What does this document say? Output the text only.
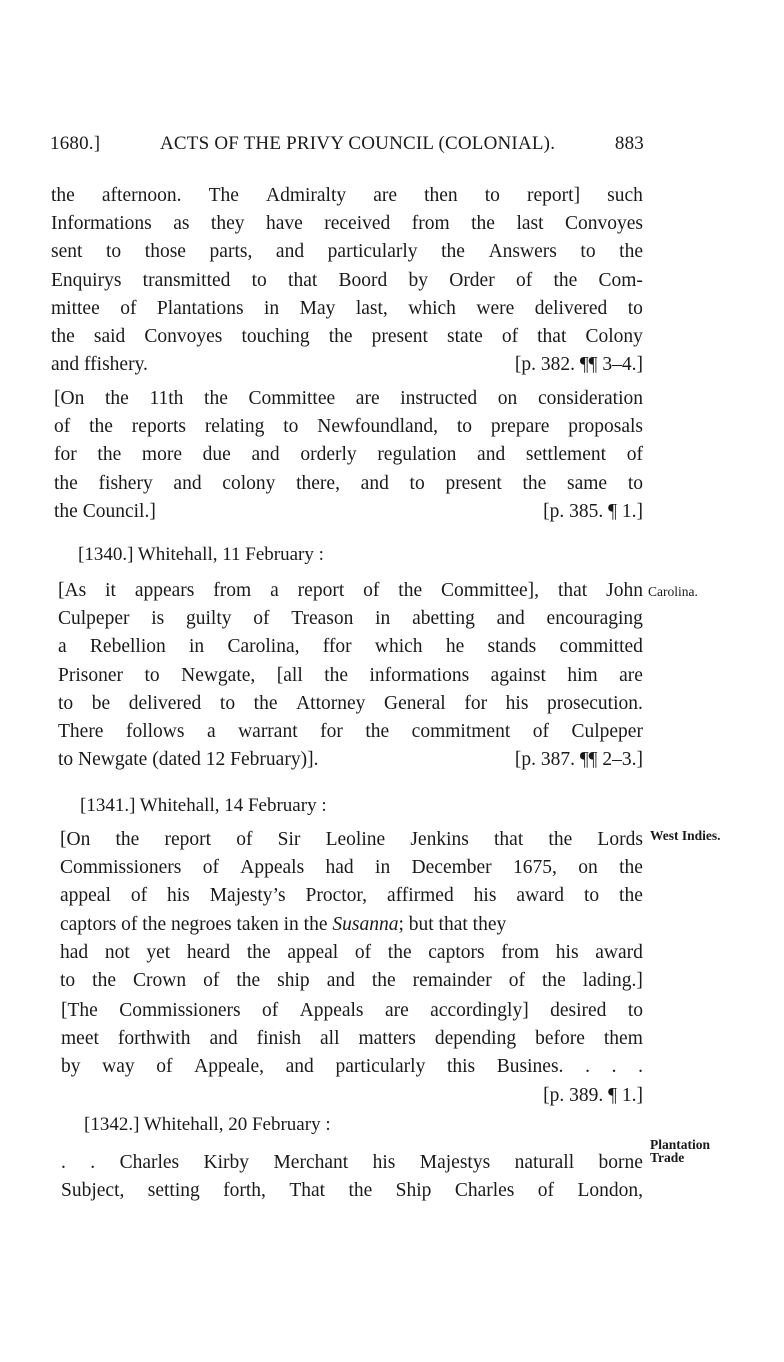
1680.]	ACTS OF THE PRIVY COUNCIL (COLONIAL).	883
the afternoon. The Admiralty are then to report] such
Informations as they have received from the last Convoyes
sent to those parts, and particularly the Answers to the
Enquirys transmitted to that Boord by Order of the Com-
mittee of Plantations in May last, which were delivered to
the said Convoyes touching the present state of that Colony
and ffishery.	[p. 382. ¶¶ 3–4.]
[On the 11th the Committee are instructed on consideration
of the reports relating to Newfoundland, to prepare proposals
for the more due and orderly regulation and settlement of
the fishery and colony there, and to present the same to
the Council.]	[p. 385. ¶ 1.]
[1340.] Whitehall, 11 February :
Carolina.
[As it appears from a report of the Committee], that John
Culpeper is guilty of Treason in abetting and encouraging
a Rebellion in Carolina, ffor which he stands committed
Prisoner to Newgate, [all the informations against him are
to be delivered to the Attorney General for his prosecution.
There follows a warrant for the commitment of Culpeper
to Newgate (dated 12 February)].	[p. 387. ¶¶ 2–3.]
[1341.] Whitehall, 14 February :
West Indies.
[On the report of Sir Leoline Jenkins that the Lords
Commissioners of Appeals had in December 1675, on the
appeal of his Majesty’s Proctor, affirmed his award to the
captors of the negroes taken in the Susanna; but that they
had not yet heard the appeal of the captors from his award
to the Crown of the ship and the remainder of the lading.]
[The Commissioners of Appeals are accordingly] desired to
meet forthwith and finish all matters depending before them
by way of Appeale, and particularly this Busines. . . .
[p. 389. ¶ 1.]
[1342.] Whitehall, 20 February :
Plantation
Trade
. . Charles Kirby Merchant his Majestys naturall borne
Subject, setting forth, That the Ship Charles of London,
